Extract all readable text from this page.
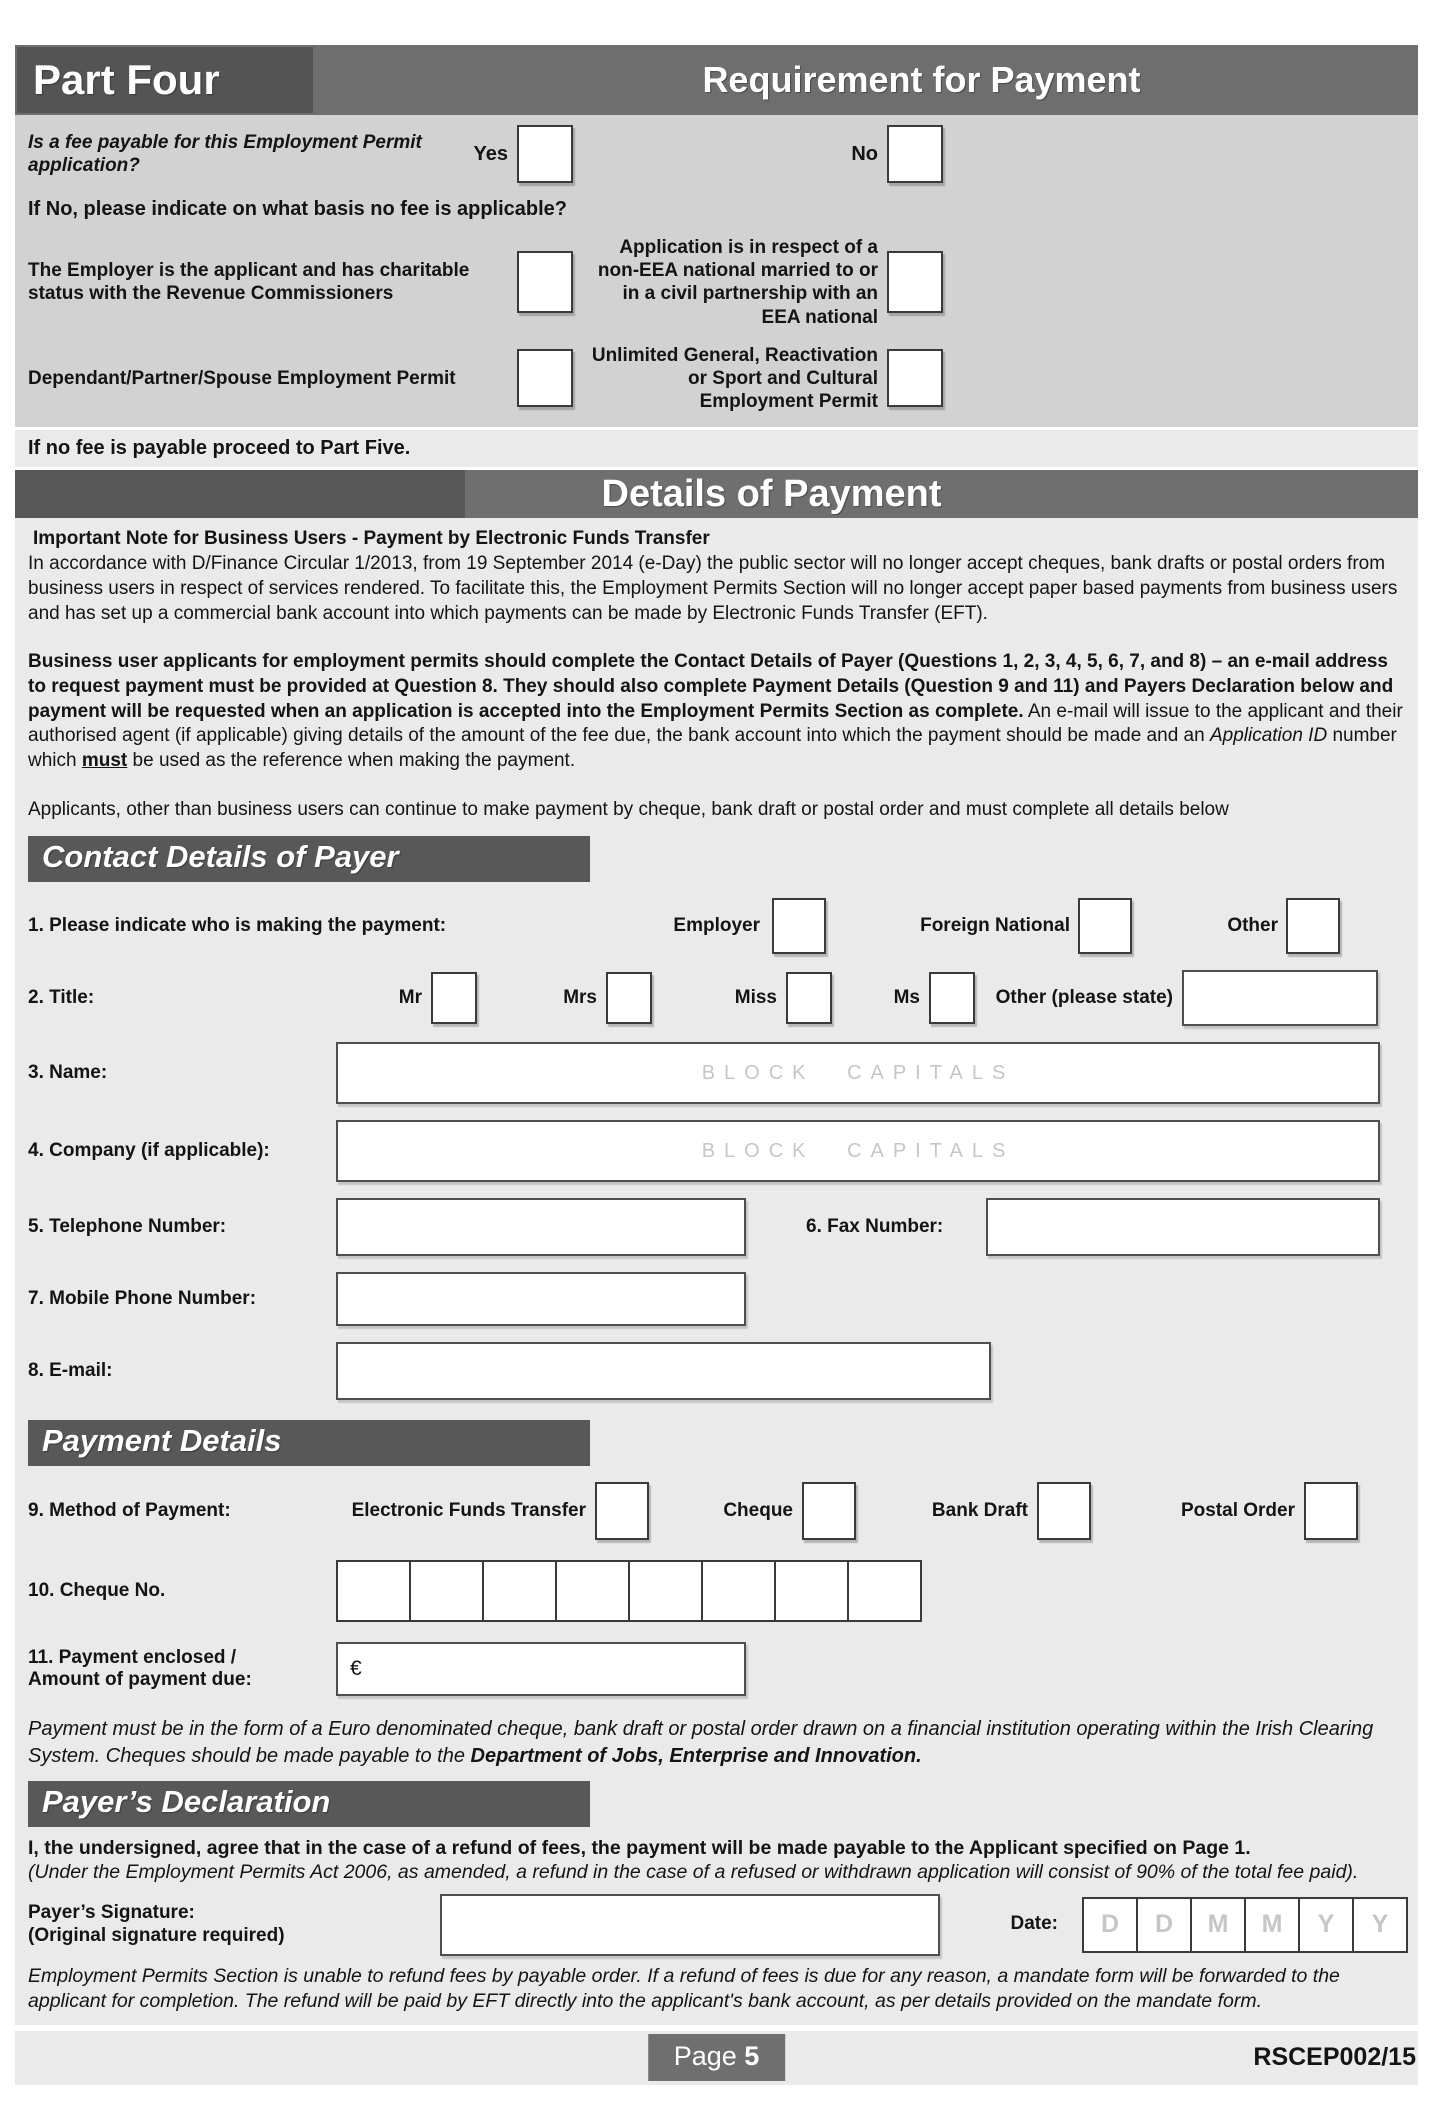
Part Four	Requirement for Payment
Is a fee payable for this Employment Permit application?
Yes	No
If No, please indicate on what basis no fee is applicable?
The Employer is the applicant and has charitable status with the Revenue Commissioners
Application is in respect of a non-EEA national married to or in a civil partnership with an EEA national
Dependant/Partner/Spouse Employment Permit
Unlimited General, Reactivation or Sport and Cultural Employment Permit
If no fee is payable proceed to Part Five.
Details of Payment
Important Note for Business Users - Payment by Electronic Funds Transfer
In accordance with D/Finance Circular 1/2013, from 19 September 2014 (e-Day) the public sector will no longer accept cheques, bank drafts or postal orders from business users in respect of services rendered. To facilitate this, the Employment Permits Section will no longer accept paper based payments from business users and has set up a commercial bank account into which payments can be made by Electronic Funds Transfer (EFT).
Business user applicants for employment permits should complete the Contact Details of Payer (Questions 1, 2, 3, 4, 5, 6, 7, and 8) – an e-mail address to request payment must be provided at Question 8. They should also complete Payment Details (Question 9 and 11) and Payers Declaration below and payment will be requested when an application is accepted into the Employment Permits Section as complete. An e-mail will issue to the applicant and their authorised agent (if applicable) giving details of the amount of the fee due, the bank account into which the payment should be made and an Application ID number which must be used as the reference when making the payment.
Applicants, other than business users can continue to make payment by cheque, bank draft or postal order and must complete all details below
Contact Details of Payer
1. Please indicate who is making the payment:	Employer	Foreign National	Other
2. Title:	Mr	Mrs	Miss	Ms	Other (please state)
3. Name:	BLOCK CAPITALS
4. Company (if applicable):	BLOCK CAPITALS
5. Telephone Number:	6. Fax Number:
7. Mobile Phone Number:
8. E-mail:
Payment Details
9. Method of Payment:	Electronic Funds Transfer	Cheque	Bank Draft	Postal Order
10. Cheque No.
11. Payment enclosed /
Amount of payment due:	€
Payment must be in the form of a Euro denominated cheque, bank draft or postal order drawn on a financial institution operating within the Irish Clearing System. Cheques should be made payable to the Department of Jobs, Enterprise and Innovation.
Payer’s Declaration
I, the undersigned, agree that in the case of a refund of fees, the payment will be made payable to the Applicant specified on Page 1.
(Under the Employment Permits Act 2006, as amended, a refund in the case of a refused or withdrawn application will consist of 90% of the total fee paid).
Payer’s Signature:
(Original signature required)
Date:	D	D	M	M	Y	Y
Employment Permits Section is unable to refund fees by payable order. If a refund of fees is due for any reason, a mandate form will be forwarded to the applicant for completion. The refund will be paid by EFT directly into the applicant's bank account, as per details provided on the mandate form.
Page 5	RSCEP002/15
